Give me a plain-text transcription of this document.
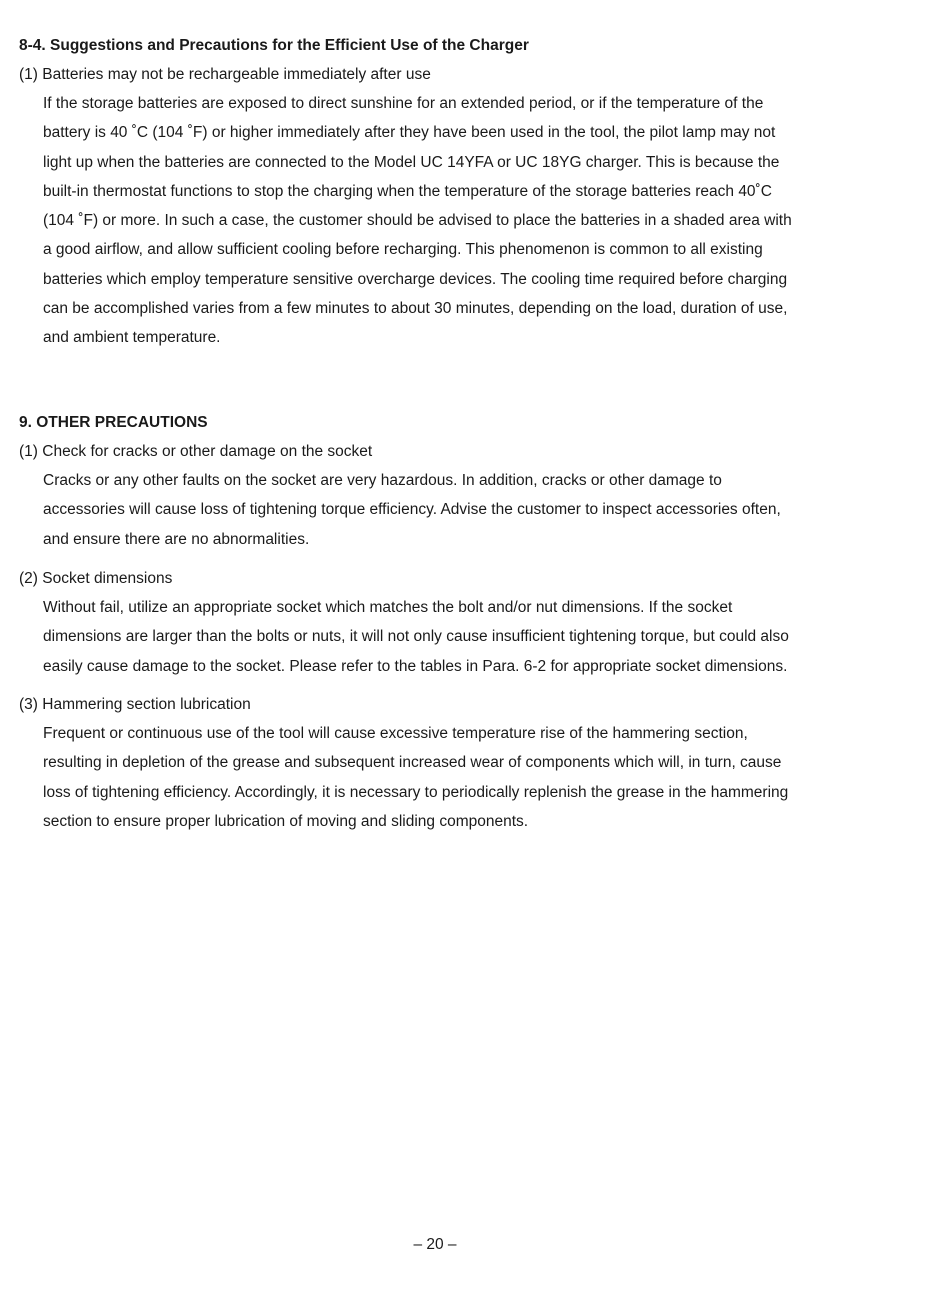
8-4. Suggestions and Precautions for the Efficient Use of the Charger
(1) Batteries may not be rechargeable immediately after use
If the storage batteries are exposed to direct sunshine for an extended period, or if the temperature of the
battery is 40 ˚C (104 ˚F) or higher immediately after they have been used in the tool, the pilot lamp may not
light up when the batteries are connected to the Model UC 14YFA or UC 18YG charger. This is because the
built-in thermostat functions to stop the charging when the temperature of the storage batteries reach 40˚C
(104 ˚F) or more. In such a case, the customer should be advised to place the batteries in a shaded area with
a good airflow, and allow sufficient cooling before recharging. This phenomenon is common to all existing
batteries which employ temperature sensitive overcharge devices. The cooling time required before charging
can be accomplished varies from a few minutes to about 30 minutes, depending on the load, duration of use,
and ambient temperature.
9. OTHER PRECAUTIONS
(1) Check for cracks or other damage on the socket
Cracks or any other faults on the socket are very hazardous. In addition, cracks or other damage to
accessories will cause loss of tightening torque efficiency. Advise the customer to inspect accessories often,
and ensure there are no abnormalities.
(2) Socket dimensions
Without fail, utilize an appropriate socket which matches the bolt and/or nut dimensions. If the socket
dimensions are larger than the bolts or nuts, it will not only cause insufficient tightening torque, but could also
easily cause damage to the socket. Please refer to the tables in Para. 6-2 for appropriate socket dimensions.
(3) Hammering section lubrication
Frequent or continuous use of the tool will cause excessive temperature rise of the hammering section,
resulting in depletion of the grease and subsequent increased wear of components which will, in turn, cause
loss of tightening efficiency. Accordingly, it is necessary to periodically replenish the grease in the hammering
section to ensure proper lubrication of moving and sliding components.
– 20 –
